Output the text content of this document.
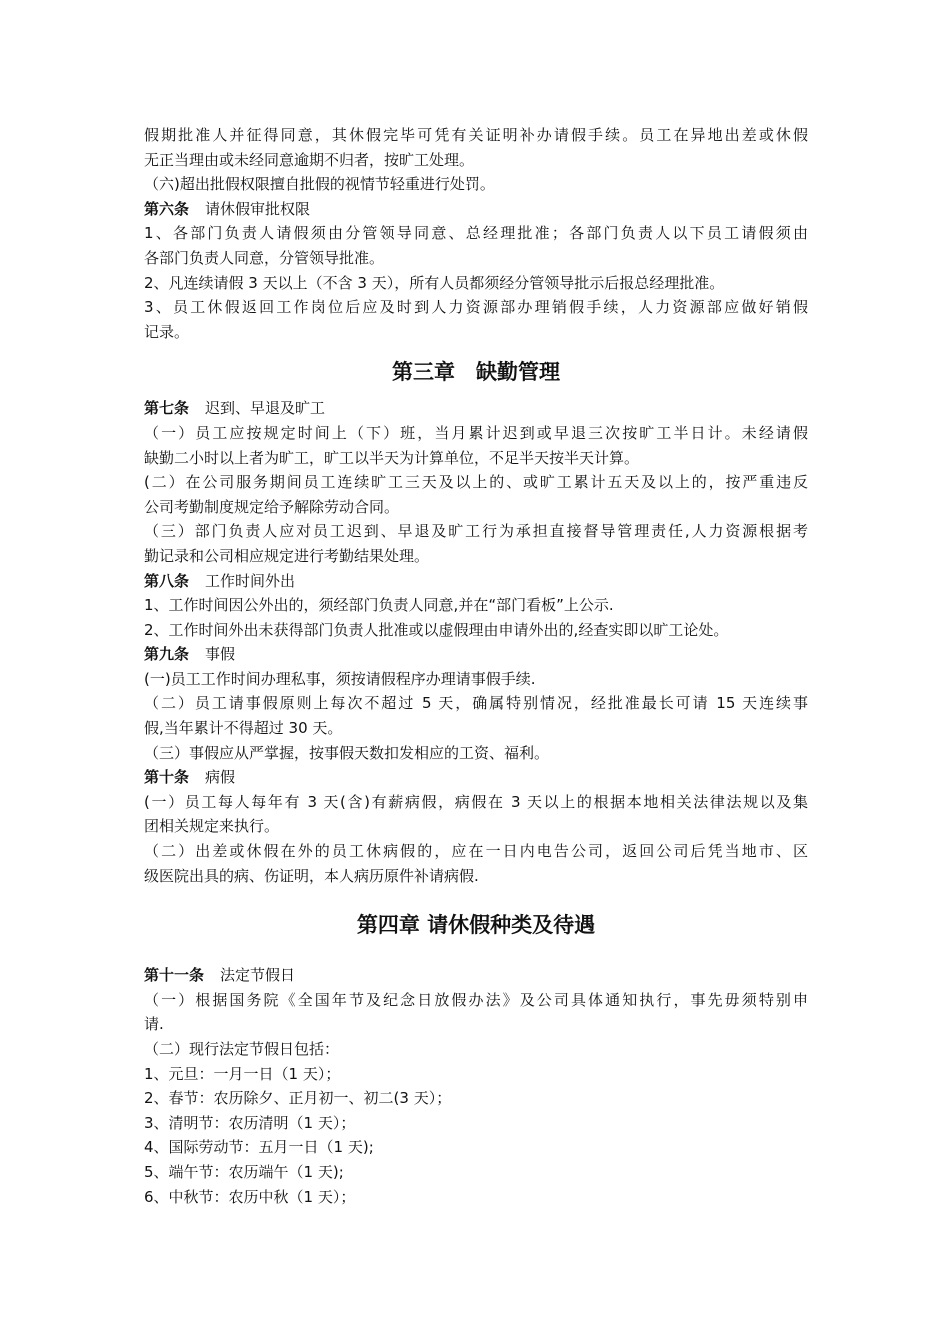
假期批准人并征得同意，其休假完毕可凭有关证明补办请假手续。员工在异地出差或休假
无正当理由或未经同意逾期不归者，按旷工处理。
（六)超出批假权限擅自批假的视情节轻重进行处罚。
第六条 请休假审批权限
1、各部门负责人请假须由分管领导同意、总经理批准；各部门负责人以下员工请假须由
各部门负责人同意，分管领导批准。
2、凡连续请假 3 天以上（不含 3 天），所有人员都须经分管领导批示后报总经理批准。
3、员工休假返回工作岗位后应及时到人力资源部办理销假手续，人力资源部应做好销假
记录。
第三章　缺勤管理
第七条 迟到、早退及旷工
（一）员工应按规定时间上（下）班，当月累计迟到或早退三次按旷工半日计。未经请假
缺勤二小时以上者为旷工，旷工以半天为计算单位，不足半天按半天计算。
(二）在公司服务期间员工连续旷工三天及以上的、或旷工累计五天及以上的，按严重违反
公司考勤制度规定给予解除劳动合同。
（三）部门负责人应对员工迟到、早退及旷工行为承担直接督导管理责任,人力资源根据考
勤记录和公司相应规定进行考勤结果处理。
第八条 工作时间外出
1、工作时间因公外出的，须经部门负责人同意,并在“部门看板”上公示.
2、工作时间外出未获得部门负责人批准或以虚假理由申请外出的,经查实即以旷工论处。
第九条 事假
(一)员工工作时间办理私事，须按请假程序办理请事假手续.
（二）员工请事假原则上每次不超过 5 天，确属特别情况，经批准最长可请 15 天连续事
假,当年累计不得超过 30 天。
（三）事假应从严掌握，按事假天数扣发相应的工资、福利。
第十条 病假
(一）员工每人每年有 3 天(含)有薪病假，病假在 3 天以上的根据本地相关法律法规以及集
团相关规定来执行。
（二）出差或休假在外的员工休病假的，应在一日内电告公司，返回公司后凭当地市、区
级医院出具的病、伤证明，本人病历原件补请病假.
第四章 请休假种类及待遇
第十一条 法定节假日
（一）根据国务院《全国年节及纪念日放假办法》及公司具体通知执行，事先毋须特别申
请.
（二）现行法定节假日包括：
1、元旦：一月一日（1 天）；
2、春节：农历除夕、正月初一、初二(3 天）；
3、清明节：农历清明（1 天）；
4、国际劳动节：五月一日（1 天);
5、端午节：农历端午（1 天);
6、中秋节：农历中秋（1 天）；
